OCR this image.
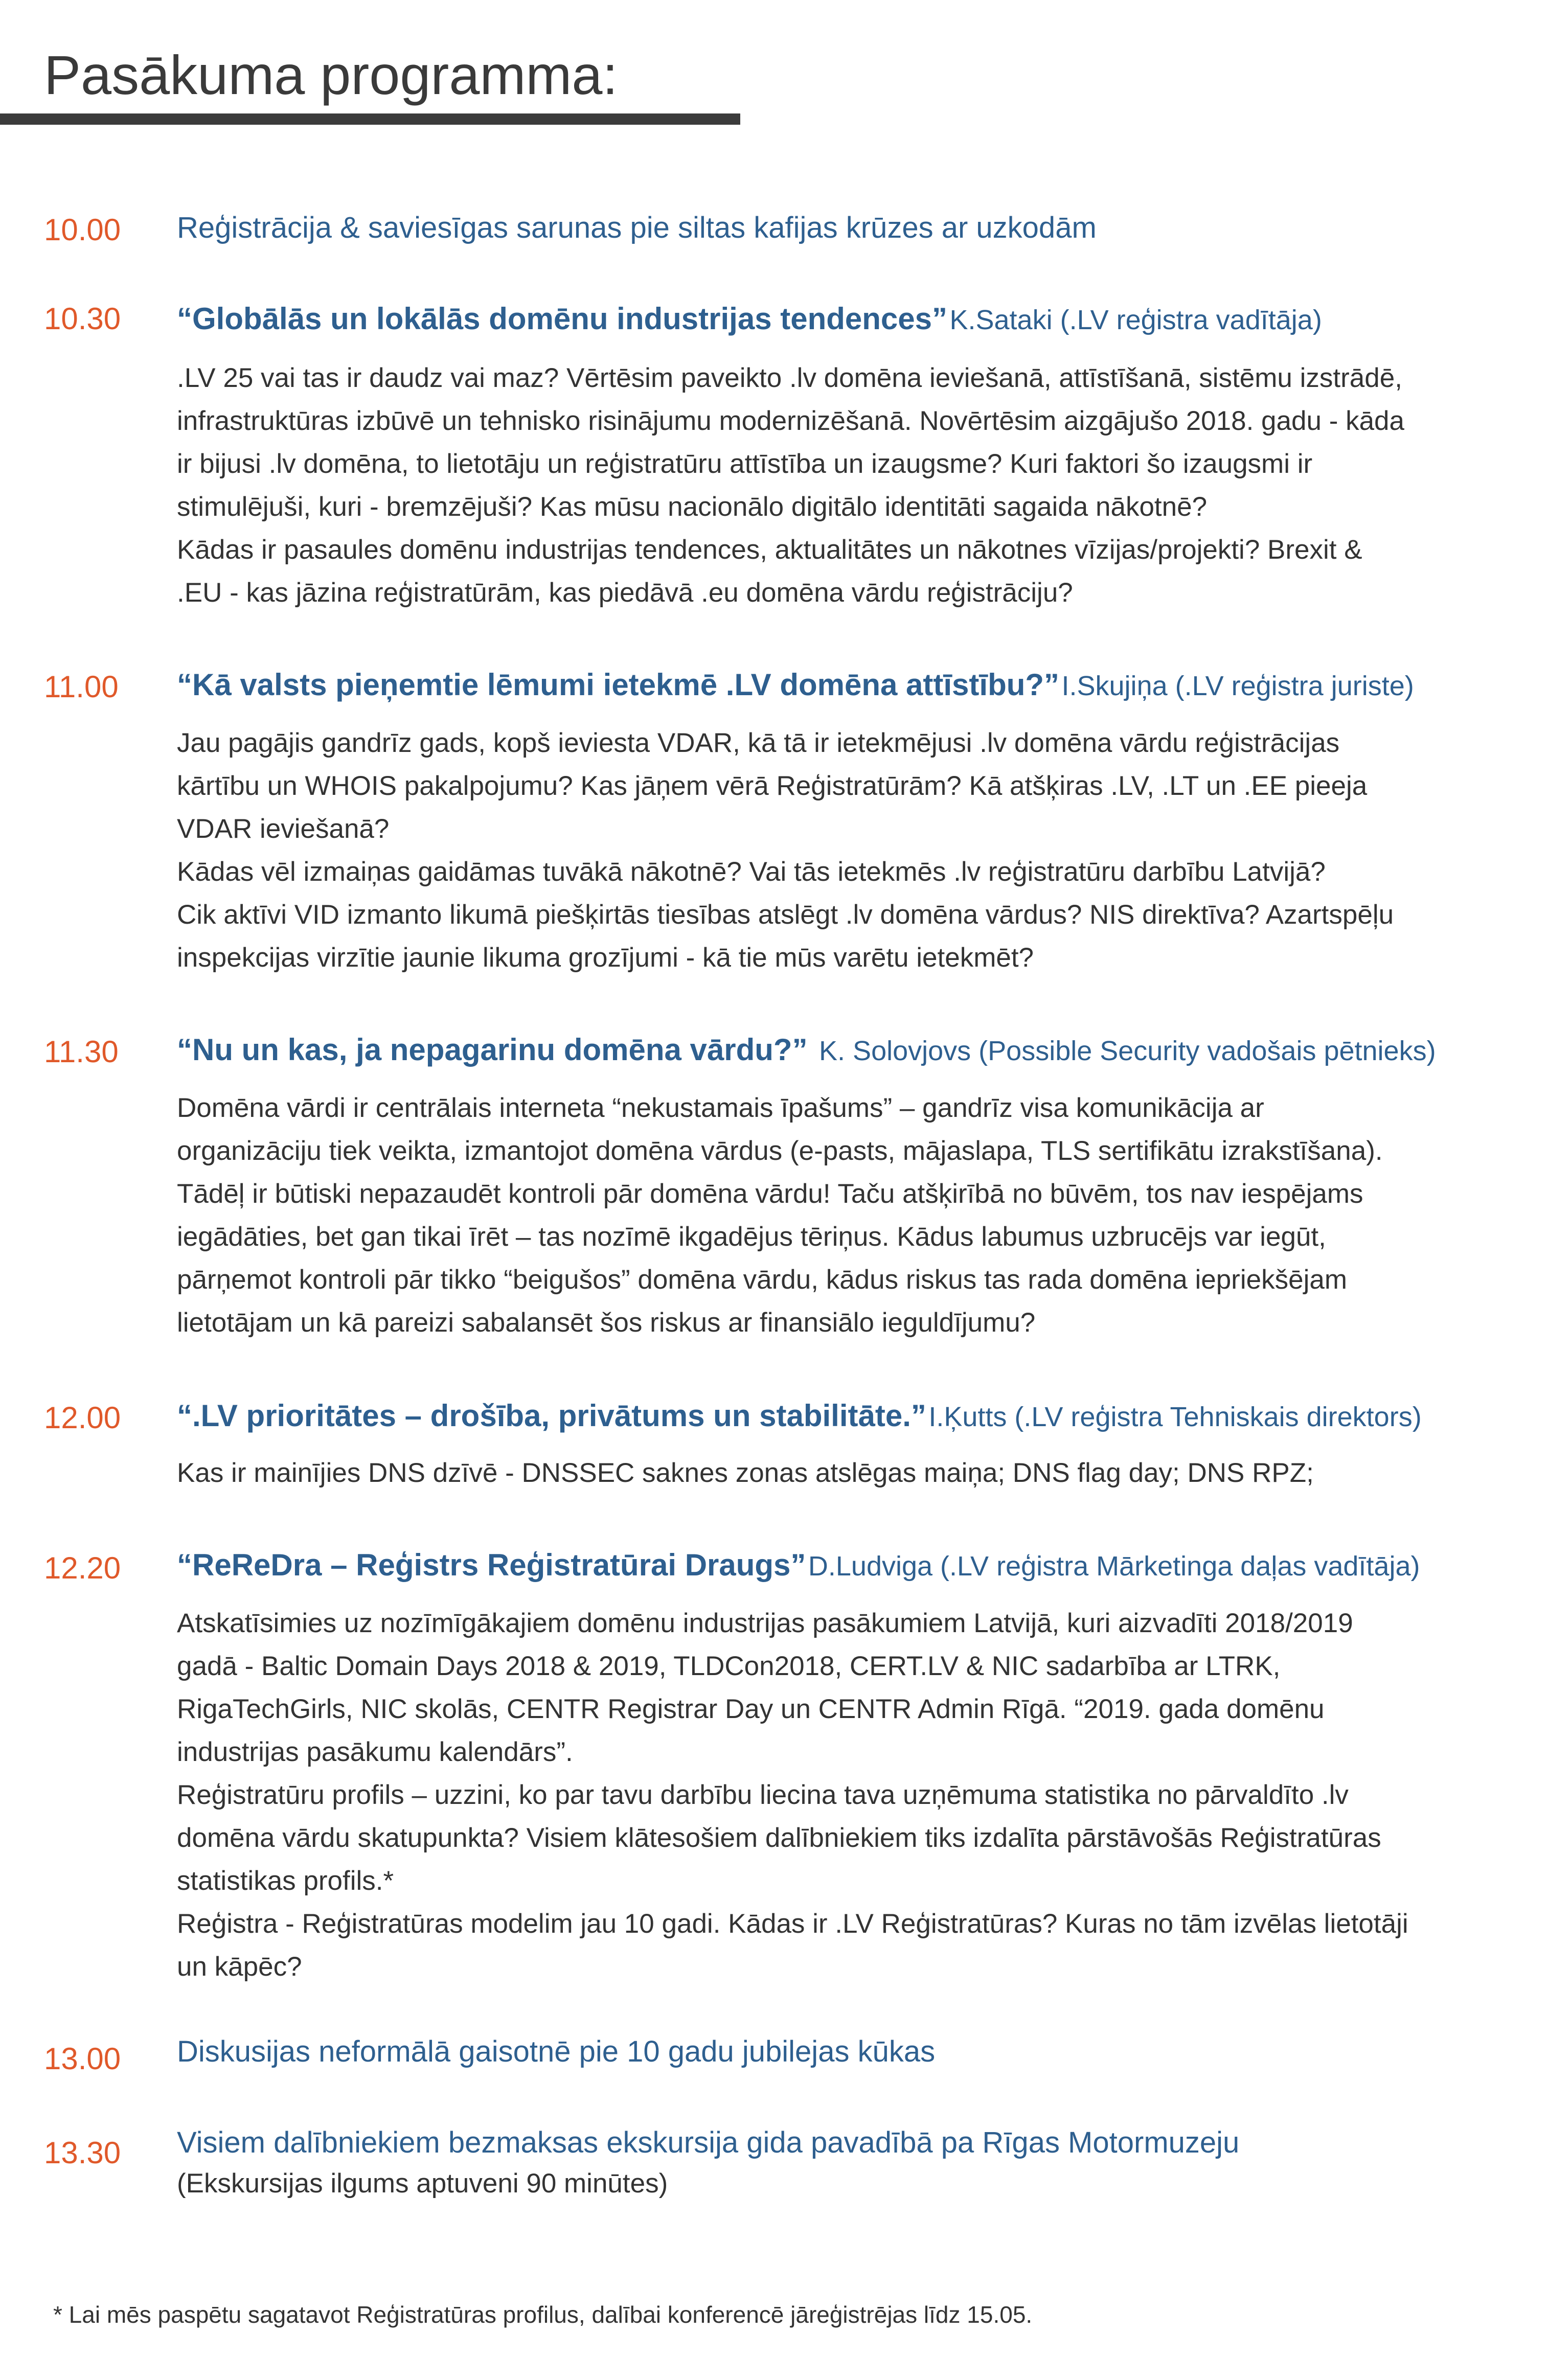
Pasākuma programma:
10.00 Reģistrācija & saviesīgas sarunas pie siltas kafijas krūzes ar uzkodām
10.30 “Globālās un lokālās domēnu industrijas tendences” K.Sataki (.LV reģistra vadītāja)

.LV 25 vai tas ir daudz vai maz? Vērtēsim paveikto .lv domēna ieviešanā, attīstīšanā, sistēmu izstrādē,

infrastruktūras izbūvē un tehnisko risinājumu modernizēšanā. Novērtēsim aizgājušo 2018. gadu - kāda

ir bijusi .lv domēna, to lietotāju un reģistratūru attīstība un izaugsme? Kuri faktori šo izaugsmi ir

stimulējuši, kuri - bremzējuši? Kas mūsu nacionālo digitālo identitāti sagaida nākotnē?

Kādas ir pasaules domēnu industrijas tendences, aktualitātes un nākotnes vīzijas/projekti? Brexit &

.EU - kas jāzina reģistratūrām, kas piedāvā .eu domēna vārdu reģistrāciju?

11.00 “Kā valsts pieņemtie lēmumi ietekmē .LV domēna attīstību?” I.Skujiņa (.LV reģistra juriste)

Jau pagājis gandrīz gads, kopš ieviesta VDAR, kā tā ir ietekmējusi .lv domēna vārdu reģistrācijas

kārtību un WHOIS pakalpojumu? Kas jāņem vērā Reģistratūrām? Kā atšķiras .LV, .LT un .EE pieeja

VDAR ieviešanā?

Kādas vēl izmaiņas gaidāmas tuvākā nākotnē? Vai tās ietekmēs .lv reģistratūru darbību Latvijā?

Cik aktīvi VID izmanto likumā piešķirtās tiesības atslēgt .lv domēna vārdus? NIS direktīva? Azartspēļu

inspekcijas virzītie jaunie likuma grozījumi - kā tie mūs varētu ietekmēt?

11.30 “Nu un kas, ja nepagarinu domēna vārdu?” K. Solovjovs (Possible Security vadošais pētnieks)

Domēna vārdi ir centrālais interneta “nekustamais īpašums” – gandrīz visa komunikācija ar

organizāciju tiek veikta, izmantojot domēna vārdus (e-pasts, mājaslapa, TLS sertifikātu izrakstīšana).

Tādēļ ir būtiski nepazaudēt kontroli pār domēna vārdu! Taču atšķirībā no būvēm, tos nav iespējams

iegādāties, bet gan tikai īrēt – tas nozīmē ikgadējus tēriņus. Kādus labumus uzbrucējs var iegūt,

pārņemot kontroli pār tikko “beigušos” domēna vārdu, kādus riskus tas rada domēna iepriekšējam

lietotājam un kā pareizi sabalansēt šos riskus ar finansiālo ieguldījumu?

12.00 “.LV prioritātes – drošība, privātums un stabilitāte.” I.Ķutts (.LV reģistra Tehniskais direktors)

Kas ir mainījies DNS dzīvē - DNSSEC saknes zonas atslēgas maiņa; DNS flag day; DNS RPZ;

12.20 “ReReDra – Reģistrs Reģistratūrai Draugs” D.Ludviga (.LV reģistra Mārketinga daļas vadītāja)

Atskatīsimies uz nozīmīgākajiem domēnu industrijas pasākumiem Latvijā, kuri aizvadīti 2018/2019

gadā - Baltic Domain Days 2018 & 2019, TLDCon2018, CERT.LV & NIC sadarbība ar LTRK,

RigaTechGirls, NIC skolās, CENTR Registrar Day un CENTR Admin Rīgā. “2019. gada domēnu

industrijas pasākumu kalendārs”.

Reģistratūru profils – uzzini, ko par tavu darbību liecina tava uzņēmuma statistika no pārvaldīto .lv

domēna vārdu skatupunkta? Visiem klātesošiem dalībniekiem tiks izdalīta pārstāvošās Reģistratūras

statistikas profils.*

Reģistra - Reģistratūras modelim jau 10 gadi. Kādas ir .LV Reģistratūras? Kuras no tām izvēlas lietotāji

un kāpēc?

13.00 Diskusijas neformālā gaisotnē pie 10 gadu jubilejas kūkas
13.30 Visiem dalībniekiem bezmaksas ekskursija gida pavadībā pa Rīgas Motormuzeju

(Ekskursijas ilgums aptuveni 90 minūtes)

* Lai mēs paspētu sagatavot Reģistratūras profilus, dalībai konferencē jāreģistrējas līdz 15.05.
